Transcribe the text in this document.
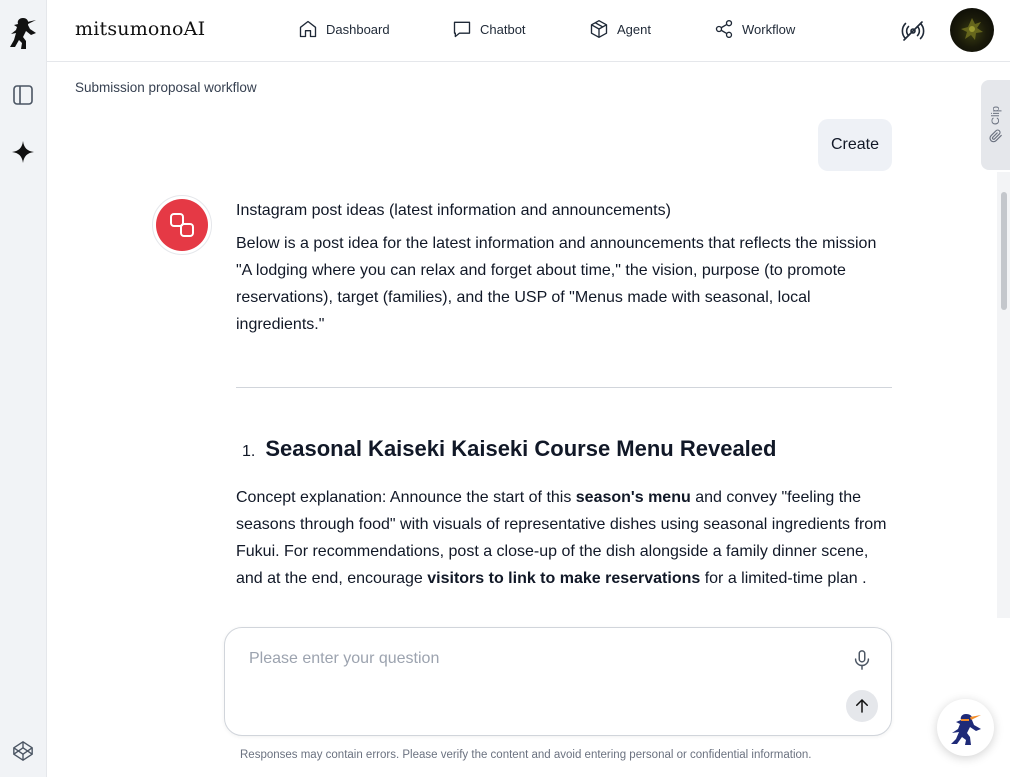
mitsumonoAI	Dashboard	Chatbot	Agent	Workflow
Submission proposal workflow
Clip
Create
Instagram post ideas (latest information and announcements)
Below is a post idea for the latest information and announcements that reflects the mission "A lodging where you can relax and forget about time," the vision, purpose (to promote reservations), target (families), and the USP of "Menus made with seasonal, local ingredients."
1. Seasonal Kaiseki Kaiseki Course Menu Revealed
Concept explanation: Announce the start of this season's menu and convey "feeling the seasons through food" with visuals of representative dishes using seasonal ingredients from Fukui. For recommendations, post a close-up of the dish alongside a family dinner scene, and at the end, encourage visitors to link to make reservations for a limited-time plan .
Please enter your question
Responses may contain errors. Please verify the content and avoid entering personal or confidential information.
